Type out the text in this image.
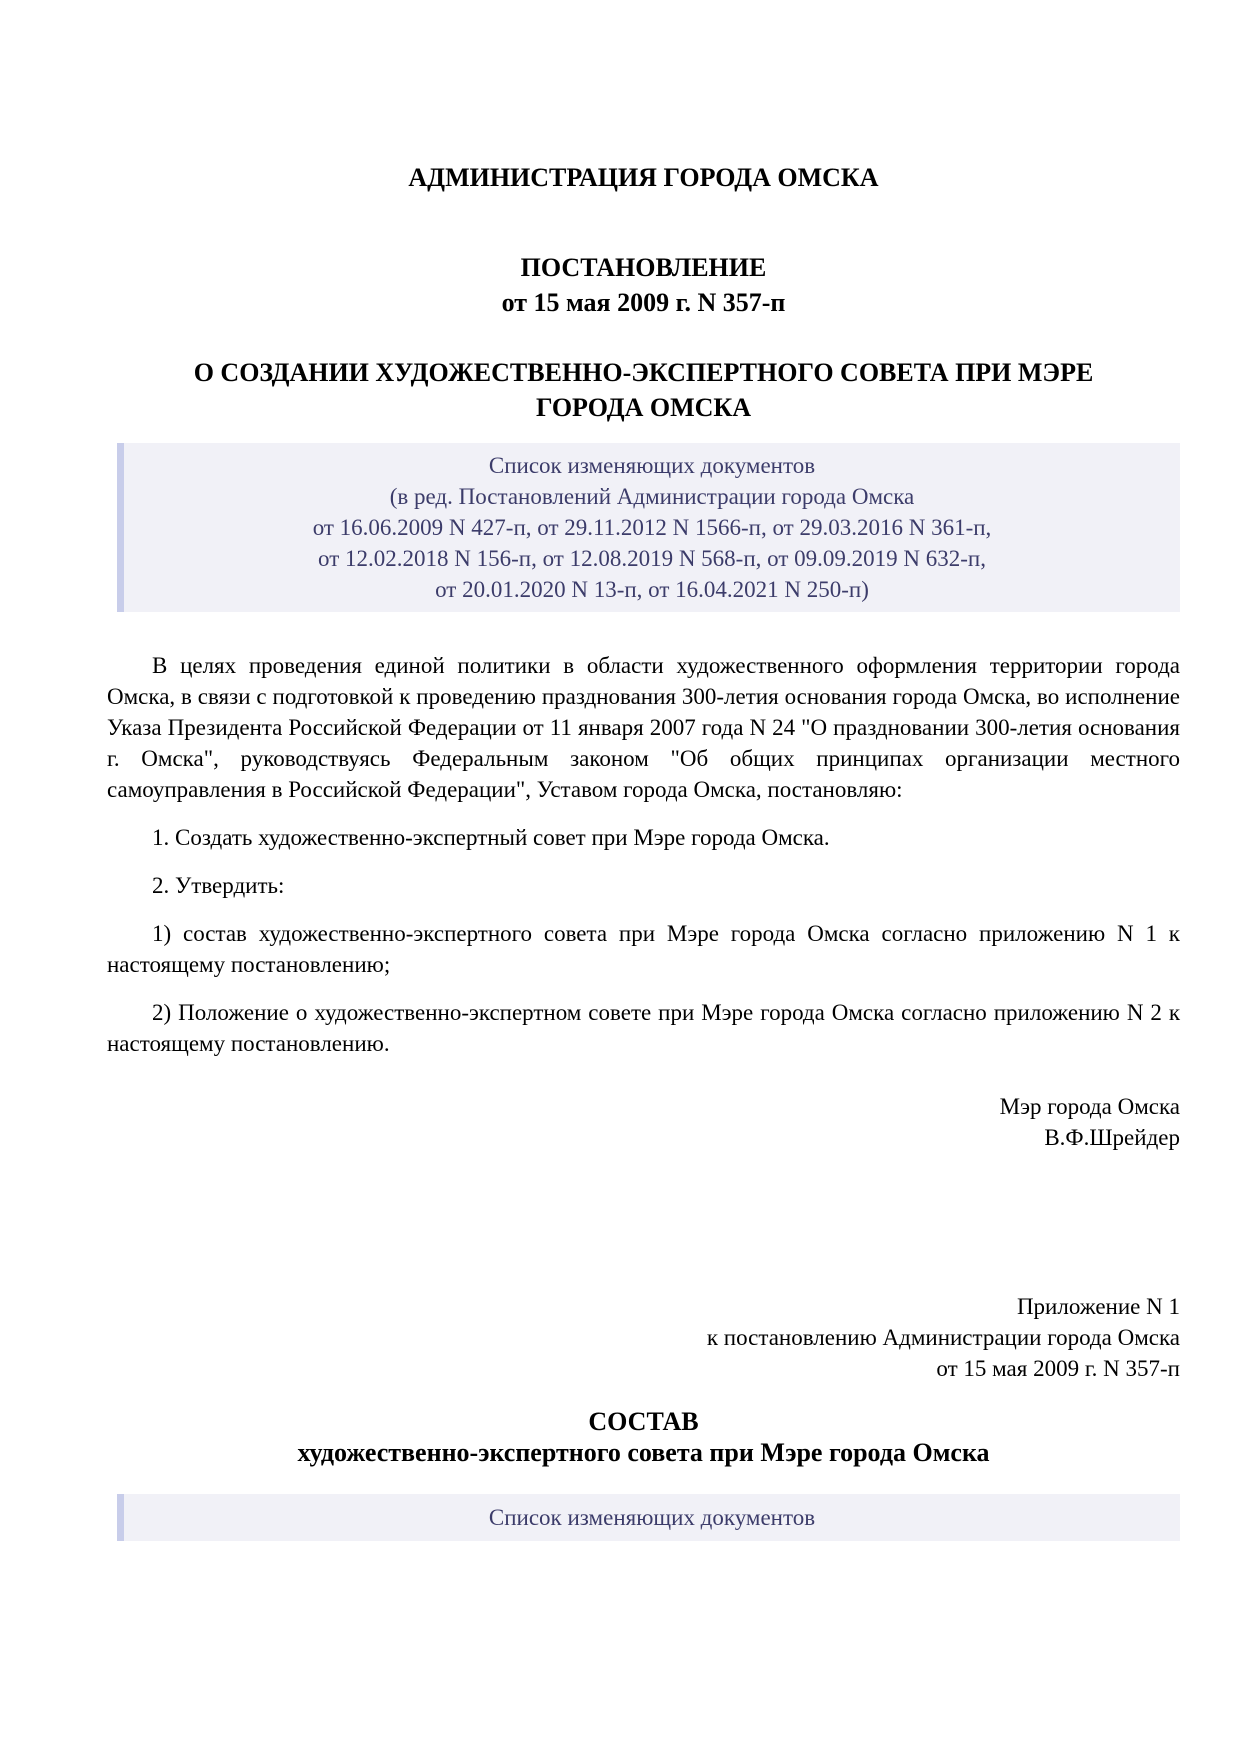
АДМИНИСТРАЦИЯ ГОРОДА ОМСКА
ПОСТАНОВЛЕНИЕ
от 15 мая 2009 г. N 357-п
О СОЗДАНИИ ХУДОЖЕСТВЕННО-ЭКСПЕРТНОГО СОВЕТА ПРИ МЭРЕ
ГОРОДА ОМСКА
Список изменяющих документов
(в ред. Постановлений Администрации города Омска
от 16.06.2009 N 427-п, от 29.11.2012 N 1566-п, от 29.03.2016 N 361-п,
от 12.02.2018 N 156-п, от 12.08.2019 N 568-п, от 09.09.2019 N 632-п,
от 20.01.2020 N 13-п, от 16.04.2021 N 250-п)

В целях проведения единой политики в области художественного оформления территории города Омска, в связи с подготовкой к проведению празднования 300-летия основания города Омска, во исполнение Указа Президента Российской Федерации от 11 января 2007 года N 24 "О праздновании 300-летия основания г. Омска", руководствуясь Федеральным законом "Об общих принципах организации местного самоуправления в Российской Федерации", Уставом города Омска, постановляю:

1. Создать художественно-экспертный совет при Мэре города Омска.

2. Утвердить:

1) состав художественно-экспертного совета при Мэре города Омска согласно приложению N 1 к настоящему постановлению;

2) Положение о художественно-экспертном совете при Мэре города Омска согласно приложению N 2 к настоящему постановлению.

Мэр города Омска
В.Ф.Шрейдер
Приложение N 1
к постановлению Администрации города Омска
от 15 мая 2009 г. N 357-п
СОСТАВ
художественно-экспертного совета при Мэре города Омска
Список изменяющих документов
